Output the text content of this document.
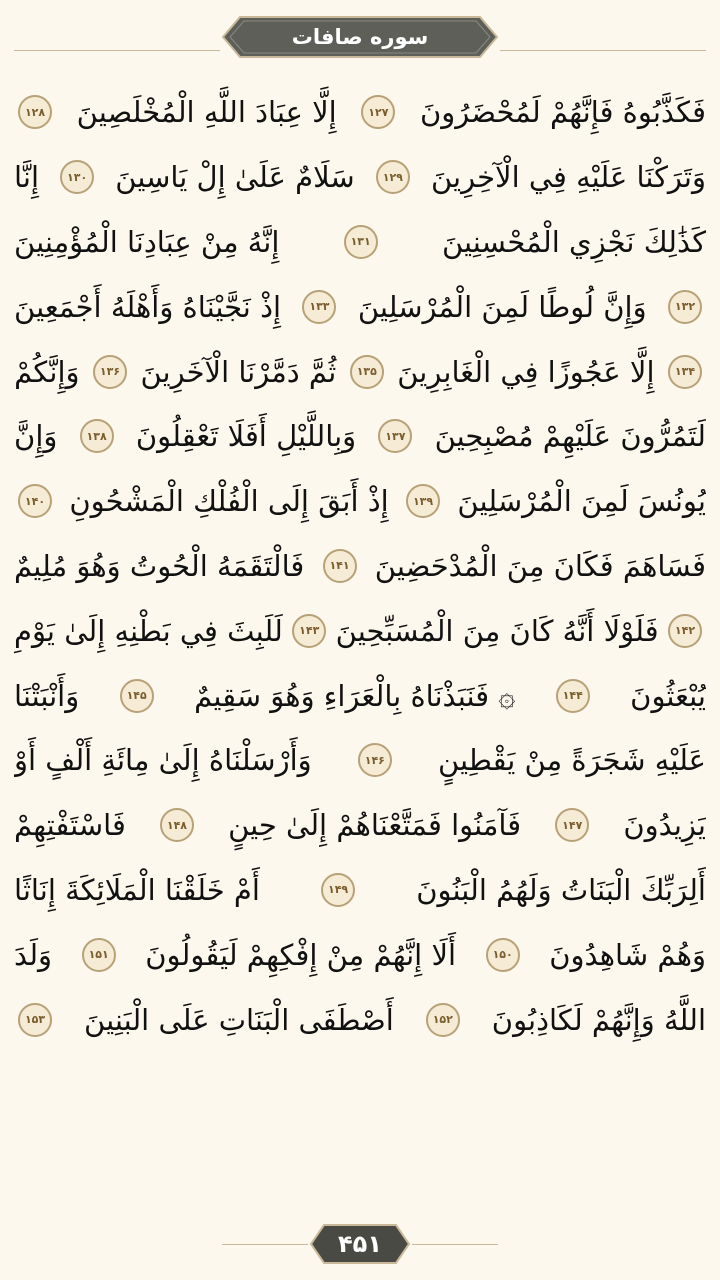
سوره صافات
فَكَذَّبُوهُ فَإِنَّهُمْ لَمُحْضَرُونَ
۱۲۷
إِلَّا عِبَادَ اللَّهِ الْمُخْلَصِينَ
۱۲۸
وَتَرَكْنَا عَلَيْهِ فِي الْآخِرِينَ
۱۲۹
سَلَامٌ عَلَىٰ إِلْ يَاسِينَ
۱۳۰
إِنَّا
كَذَٰلِكَ نَجْزِي الْمُحْسِنِينَ
۱۳۱
إِنَّهُ مِنْ عِبَادِنَا الْمُؤْمِنِينَ
۱۳۲
وَإِنَّ لُوطًا لَمِنَ الْمُرْسَلِينَ
۱۳۳
إِذْ نَجَّيْنَاهُ وَأَهْلَهُ أَجْمَعِينَ
۱۳۴
إِلَّا عَجُوزًا فِي الْغَابِرِينَ
۱۳۵
ثُمَّ دَمَّرْنَا الْآخَرِينَ
۱۳۶
وَإِنَّكُمْ
لَتَمُرُّونَ عَلَيْهِمْ مُصْبِحِينَ
۱۳۷
وَبِاللَّيْلِ أَفَلَا تَعْقِلُونَ
۱۳۸
وَإِنَّ
يُونُسَ لَمِنَ الْمُرْسَلِينَ
۱۳۹
إِذْ أَبَقَ إِلَى الْفُلْكِ الْمَشْحُونِ
۱۴۰
فَسَاهَمَ فَكَانَ مِنَ الْمُدْحَضِينَ
۱۴۱
فَالْتَقَمَهُ الْحُوتُ وَهُوَ مُلِيمٌ
۱۴۲
فَلَوْلَا أَنَّهُ كَانَ مِنَ الْمُسَبِّحِينَ
۱۴۳
لَلَبِثَ فِي بَطْنِهِ إِلَىٰ يَوْمِ
يُبْعَثُونَ
۱۴۴
۞ فَنَبَذْنَاهُ بِالْعَرَاءِ وَهُوَ سَقِيمٌ
۱۴۵
وَأَنْبَتْنَا
عَلَيْهِ شَجَرَةً مِنْ يَقْطِينٍ
۱۴۶
وَأَرْسَلْنَاهُ إِلَىٰ مِائَةِ أَلْفٍ أَوْ
يَزِيدُونَ
۱۴۷
فَآمَنُوا فَمَتَّعْنَاهُمْ إِلَىٰ حِينٍ
۱۴۸
فَاسْتَفْتِهِمْ
أَلِرَبِّكَ الْبَنَاتُ وَلَهُمُ الْبَنُونَ
۱۴۹
أَمْ خَلَقْنَا الْمَلَائِكَةَ إِنَاثًا
وَهُمْ شَاهِدُونَ
۱۵۰
أَلَا إِنَّهُمْ مِنْ إِفْكِهِمْ لَيَقُولُونَ
۱۵۱
وَلَدَ
اللَّهُ وَإِنَّهُمْ لَكَاذِبُونَ
۱۵۲
أَصْطَفَى الْبَنَاتِ عَلَى الْبَنِينَ
۱۵۳
۴۵۱
